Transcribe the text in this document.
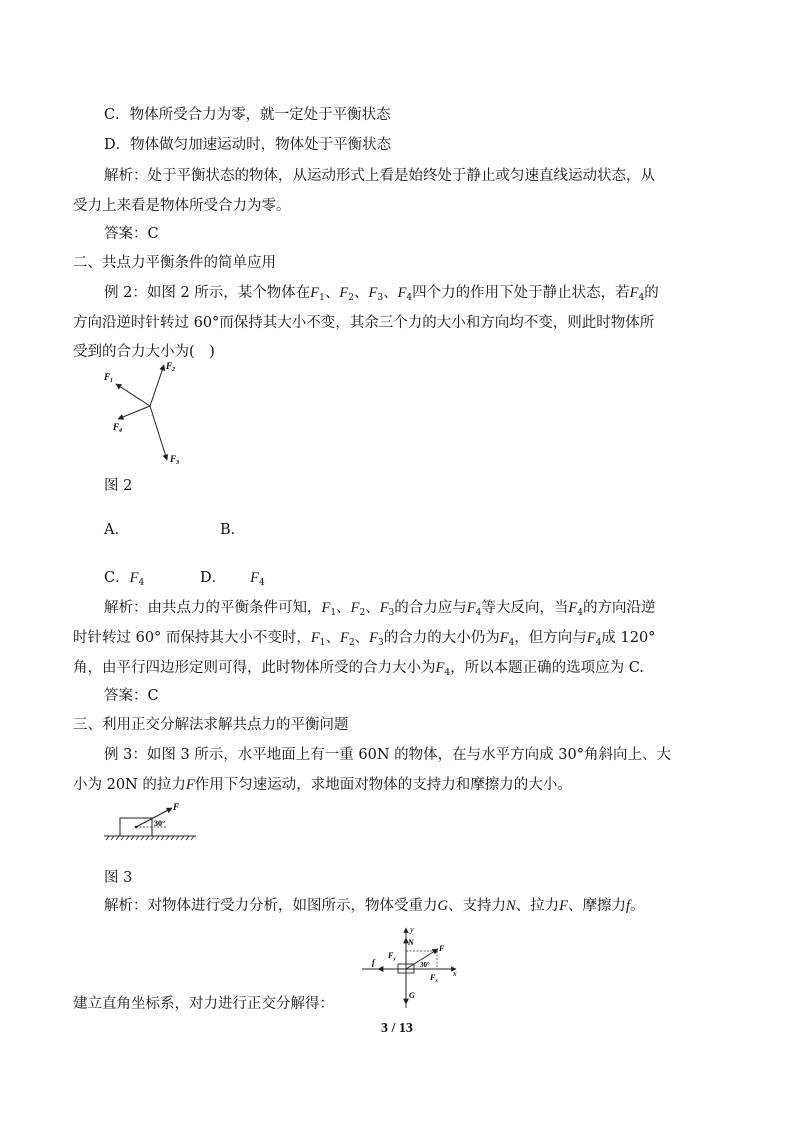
C．物体所受合力为零，就一定处于平衡状态
D．物体做匀加速运动时，物体处于平衡状态
解析：处于平衡状态的物体，从运动形式上看是始终处于静止或匀速直线运动状态，从
受力上来看是物体所受合力为零。
答案：C
二、共点力平衡条件的简单应用
例 2：如图 2 所示，某个物体在$F_1$、$F_2$、$F_3$、$F_4$四个力的作用下处于静止状态，若$F_4$的
方向沿逆时针转过 60°而保持其大小不变，其余三个力的大小和方向均不变，则此时物体所
受到的合力大小为(　)
$F_1$
$F_2$
$F_4$
$F_3$
图 2
A．	B．
C．$F_4$	D． $F_4$
解析：由共点力的平衡条件可知，$F_1$、$F_2$、$F_3$的合力应与$F_4$等大反向，当$F_4$的方向沿逆
时针转过 60° 而保持其大小不变时，$F_1$、$F_2$、$F_3$的合力的大小仍为$F_4$，但方向与$F_4$成 120°
角，由平行四边形定则可得，此时物体所受的合力大小为$F_4$，所以本题正确的选项应为 C.
答案：C
三、利用正交分解法求解共点力的平衡问题
例 3：如图 3 所示，水平地面上有一重 60N 的物体，在与水平方向成 30°角斜向上、大
小为 20N 的拉力F作用下匀速运动，求地面对物体的支持力和摩擦力的大小。
F
30°
图 3
解析：对物体进行受力分析，如图所示，物体受重力G、支持力N、拉力F、摩擦力f。
y
x
N
F
$F_y$
$F_x$
30°
f
G
建立直角坐标系，对力进行正交分解得：
3 / 13
